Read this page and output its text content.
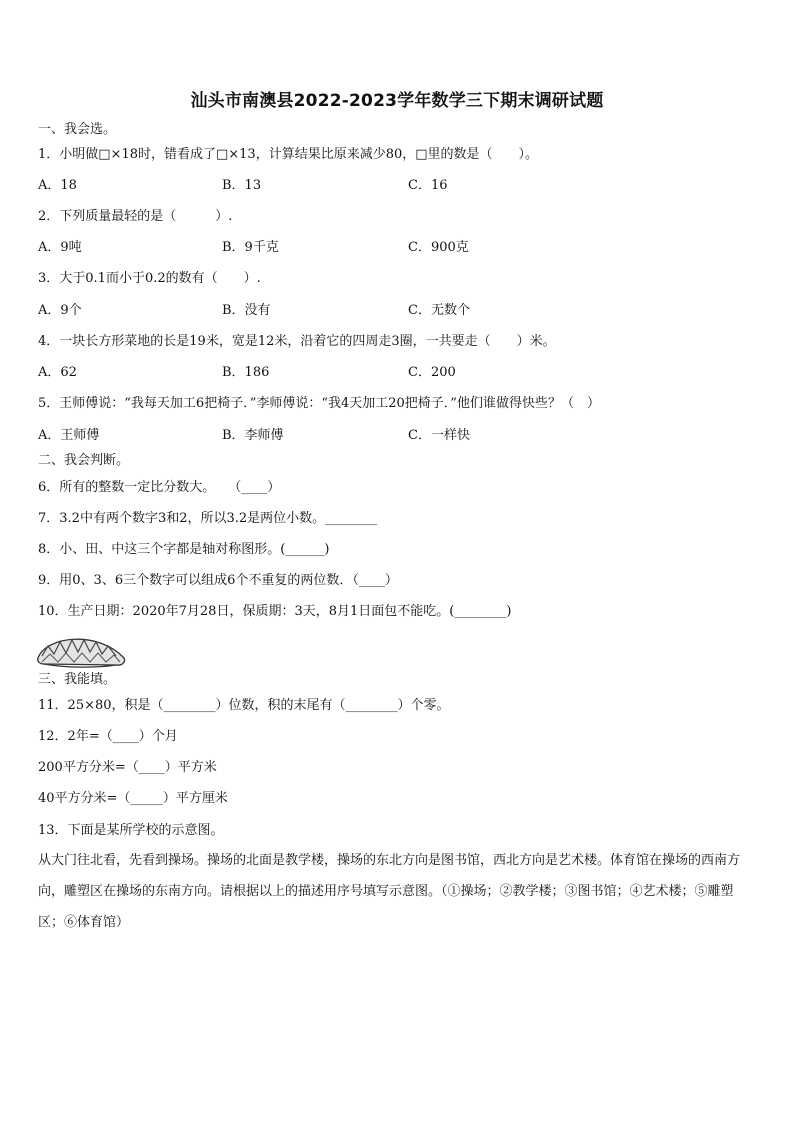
汕头市南澳县2022-2023学年数学三下期末调研试题
一、我会选。
1．小明做□×18时，错看成了□×13，计算结果比原来减少80，□里的数是（　　）。
A．18	B．13	C．16
2．下列质量最轻的是（　　　）.
A．9吨	B．9千克	C．900克
3．大于0.1而小于0.2的数有（　　）.
A．9个	B．没有	C．无数个
4．一块长方形菜地的长是19米，宽是12米，沿着它的四周走3圈，一共要走（　　）米。
A．62	B．186	C．200
5．王师傅说：“我每天加工6把椅子．”李师傅说：“我4天加工20把椅子．”他们谁做得快些？（　）
A．王师傅	B．李师傅	C．一样快
二、我会判断。
6．所有的整数一定比分数大。　　（____）
7．3.2中有两个数字3和2，所以3.2是两位小数。________
8．小、田、中这三个字都是轴对称图形。(______)
9．用0、3、6三个数字可以组成6个不重复的两位数．（____）
10．生产日期：2020年7月28日，保质期：3天，8月1日面包不能吃。(________)
三、我能填。
11．25×80，积是（________）位数，积的末尾有（________）个零。
12．2年=（____）个月
200平方分米=（____）平方米
40平方分米=（_____）平方厘米
13．下面是某所学校的示意图。
从大门往北看，先看到操场。操场的北面是教学楼，操场的东北方向是图书馆，西北方向是艺术楼。体育馆在操场的西南方向，雕塑区在操场的东南方向。请根据以上的描述用序号填写示意图。（①操场；②教学楼；③图书馆；④艺术楼；⑤雕塑区；⑥体育馆）
